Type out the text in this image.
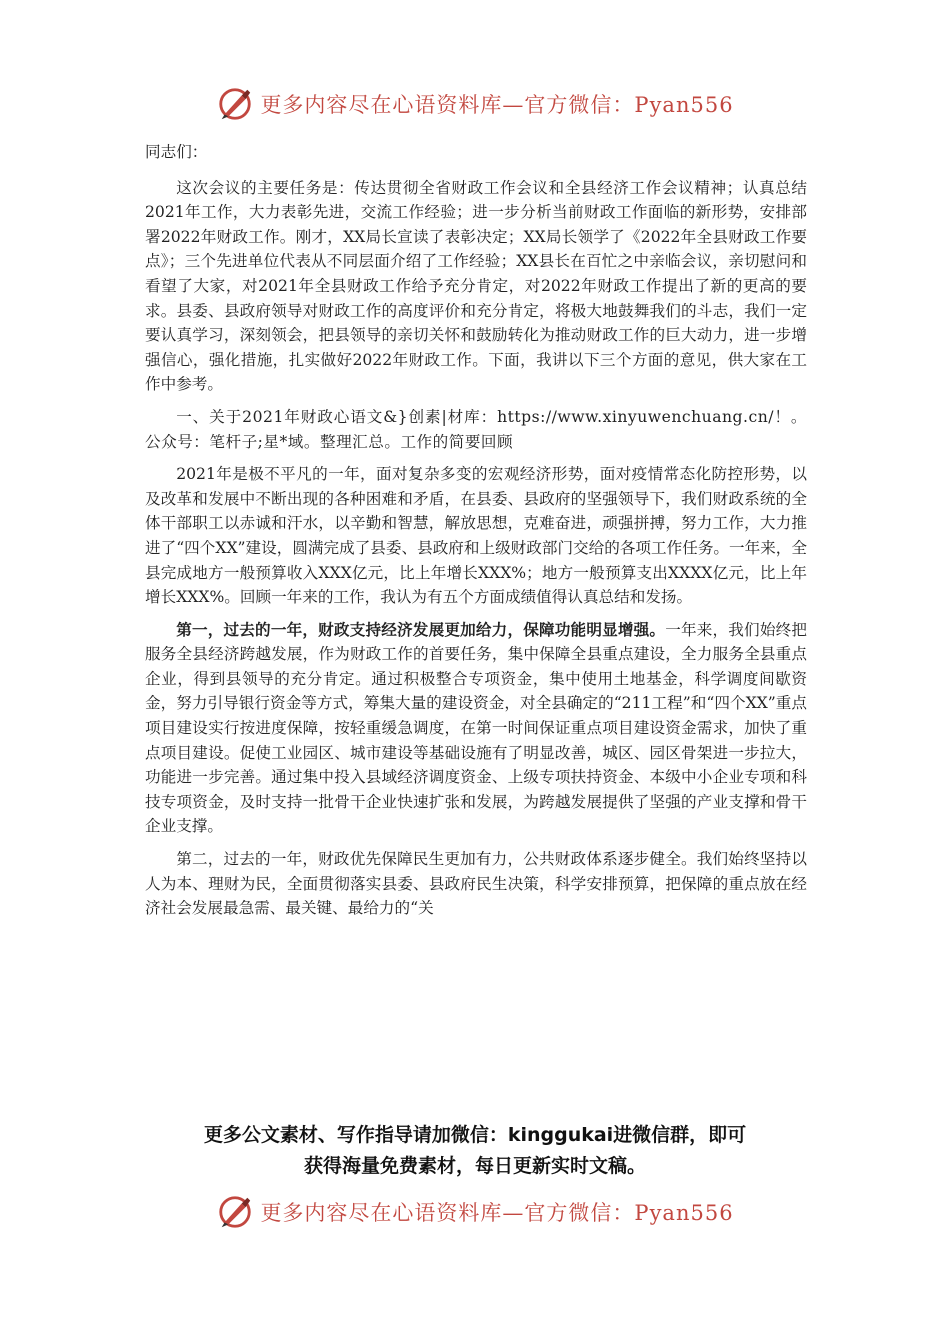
更多内容尽在心语资料库—官方微信：Pyan556

同志们：

这次会议的主要任务是：传达贯彻全省财政工作会议和全县经济工作会议精神；认真总结2021年工作，大力表彰先进，交流工作经验；进一步分析当前财政工作面临的新形势，安排部署2022年财政工作。刚才，XX局长宣读了表彰决定；XX局长领学了《2022年全县财政工作要点》；三个先进单位代表从不同层面介绍了工作经验；XX县长在百忙之中亲临会议，亲切慰问和看望了大家，对2021年全县财政工作给予充分肯定，对2022年财政工作提出了新的更高的要求。县委、县政府领导对财政工作的高度评价和充分肯定，将极大地鼓舞我们的斗志，我们一定要认真学习，深刻领会，把县领导的亲切关怀和鼓励转化为推动财政工作的巨大动力，进一步增强信心，强化措施，扎实做好2022年财政工作。下面，我讲以下三个方面的意见，供大家在工作中参考。

一、关于2021年财政心语文&}创素|材库：https://www.xinyuwenchuang.cn/！。公众号：笔杆子;星*域。整理汇总。工作的简要回顾

2021年是极不平凡的一年，面对复杂多变的宏观经济形势，面对疫情常态化防控形势，以及改革和发展中不断出现的各种困难和矛盾，在县委、县政府的坚强领导下，我们财政系统的全体干部职工以赤诚和汗水，以辛勤和智慧，解放思想，克难奋进，顽强拼搏，努力工作，大力推进了“四个XX”建设，圆满完成了县委、县政府和上级财政部门交给的各项工作任务。一年来，全县完成地方一般预算收入XXX亿元，比上年增长XXX%；地方一般预算支出XXXX亿元，比上年增长XXX%。回顾一年来的工作，我认为有五个方面成绩值得认真总结和发扬。

第一，过去的一年，财政支持经济发展更加给力，保障功能明显增强。一年来，我们始终把服务全县经济跨越发展，作为财政工作的首要任务，集中保障全县重点建设，全力服务全县重点企业，得到县领导的充分肯定。通过积极整合专项资金，集中使用土地基金，科学调度间歇资金，努力引导银行资金等方式，筹集大量的建设资金，对全县确定的“211工程”和“四个XX”重点项目建设实行按进度保障，按轻重缓急调度，在第一时间保证重点项目建设资金需求，加快了重点项目建设。促使工业园区、城市建设等基础设施有了明显改善，城区、园区骨架进一步拉大，功能进一步完善。通过集中投入县域经济调度资金、上级专项扶持资金、本级中小企业专项和科技专项资金，及时支持一批骨干企业快速扩张和发展，为跨越发展提供了坚强的产业支撑和骨干企业支撑。

第二，过去的一年，财政优先保障民生更加有力，公共财政体系逐步健全。我们始终坚持以人为本、理财为民，全面贯彻落实县委、县政府民生决策，科学安排预算，把保障的重点放在经济社会发展最急需、最关键、最给力的“关

更多公文素材、写作指导请加微信：kinggukai进微信群，即可
获得海量免费素材，每日更新实时文稿。
更多内容尽在心语资料库—官方微信：Pyan556
